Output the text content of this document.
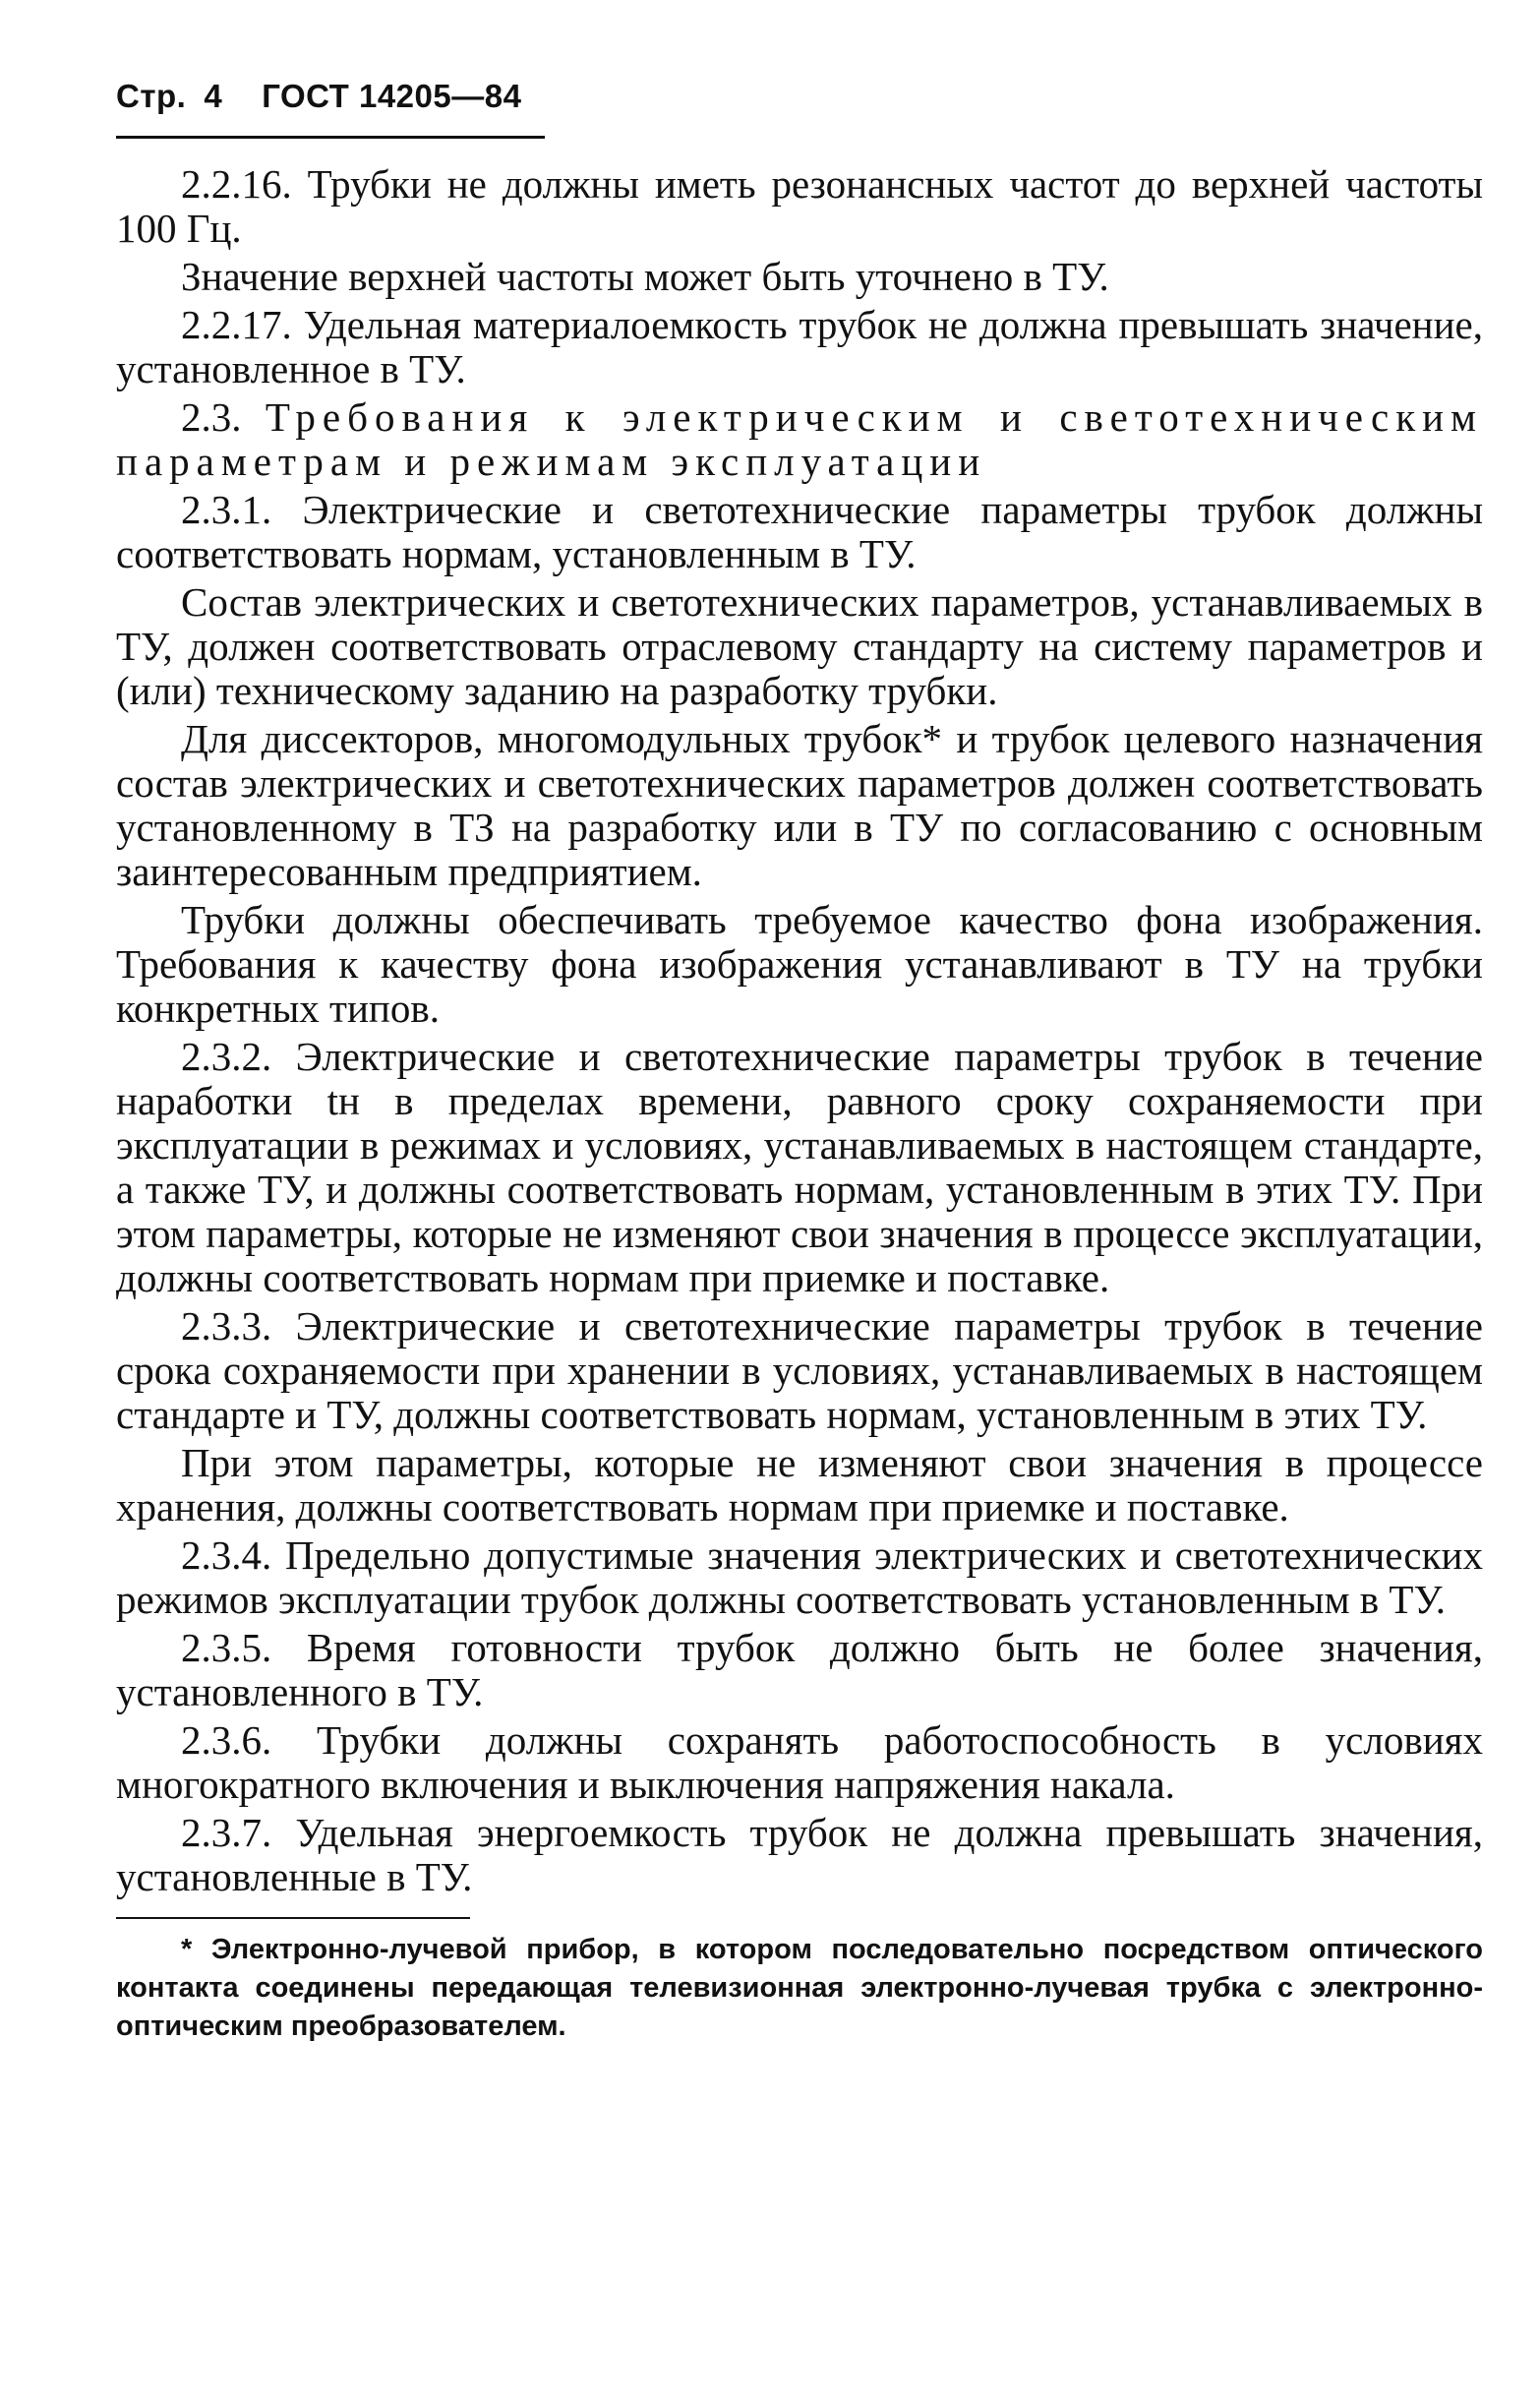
Стр. 4 ГОСТ 14205—84

2.2.16. Трубки не должны иметь резонансных частот до верхней частоты 100 Гц.

Значение верхней частоты может быть уточнено в ТУ.

2.2.17. Удельная материалоемкость трубок не должна превышать значение, установленное в ТУ.

2.3. Требования к электрическим и светотехническим параметрам и режимам эксплуатации

2.3.1. Электрические и светотехнические параметры трубок должны соответствовать нормам, установленным в ТУ.

Состав электрических и светотехнических параметров, устанавливаемых в ТУ, должен соответствовать отраслевому стандарту на систему параметров и (или) техническому заданию на разработку трубки.

Для диссекторов, многомодульных трубок* и трубок целевого назначения состав электрических и светотехнических параметров должен соответствовать установленному в ТЗ на разработку или в ТУ по согласованию с основным заинтересованным предприятием.

Трубки должны обеспечивать требуемое качество фона изображения. Требования к качеству фона изображения устанавливают в ТУ на трубки конкретных типов.

2.3.2. Электрические и светотехнические параметры трубок в течение наработки tн в пределах времени, равного сроку сохраняемости при эксплуатации в режимах и условиях, устанавливаемых в настоящем стандарте, а также ТУ, и должны соответствовать нормам, установленным в этих ТУ. При этом параметры, которые не изменяют свои значения в процессе эксплуатации, должны соответствовать нормам при приемке и поставке.

2.3.3. Электрические и светотехнические параметры трубок в течение срока сохраняемости при хранении в условиях, устанавливаемых в настоящем стандарте и ТУ, должны соответствовать нормам, установленным в этих ТУ.

При этом параметры, которые не изменяют свои значения в процессе хранения, должны соответствовать нормам при приемке и поставке.

2.3.4. Предельно допустимые значения электрических и светотехнических режимов эксплуатации трубок должны соответствовать установленным в ТУ.

2.3.5. Время готовности трубок должно быть не более значения, установленного в ТУ.

2.3.6. Трубки должны сохранять работоспособность в условиях многократного включения и выключения напряжения накала.

2.3.7. Удельная энергоемкость трубок не должна превышать значения, установленные в ТУ.

* Электронно-лучевой прибор, в котором последовательно посредством оптического контакта соединены передающая телевизионная электронно-лучевая трубка с электронно-оптическим преобразователем.
